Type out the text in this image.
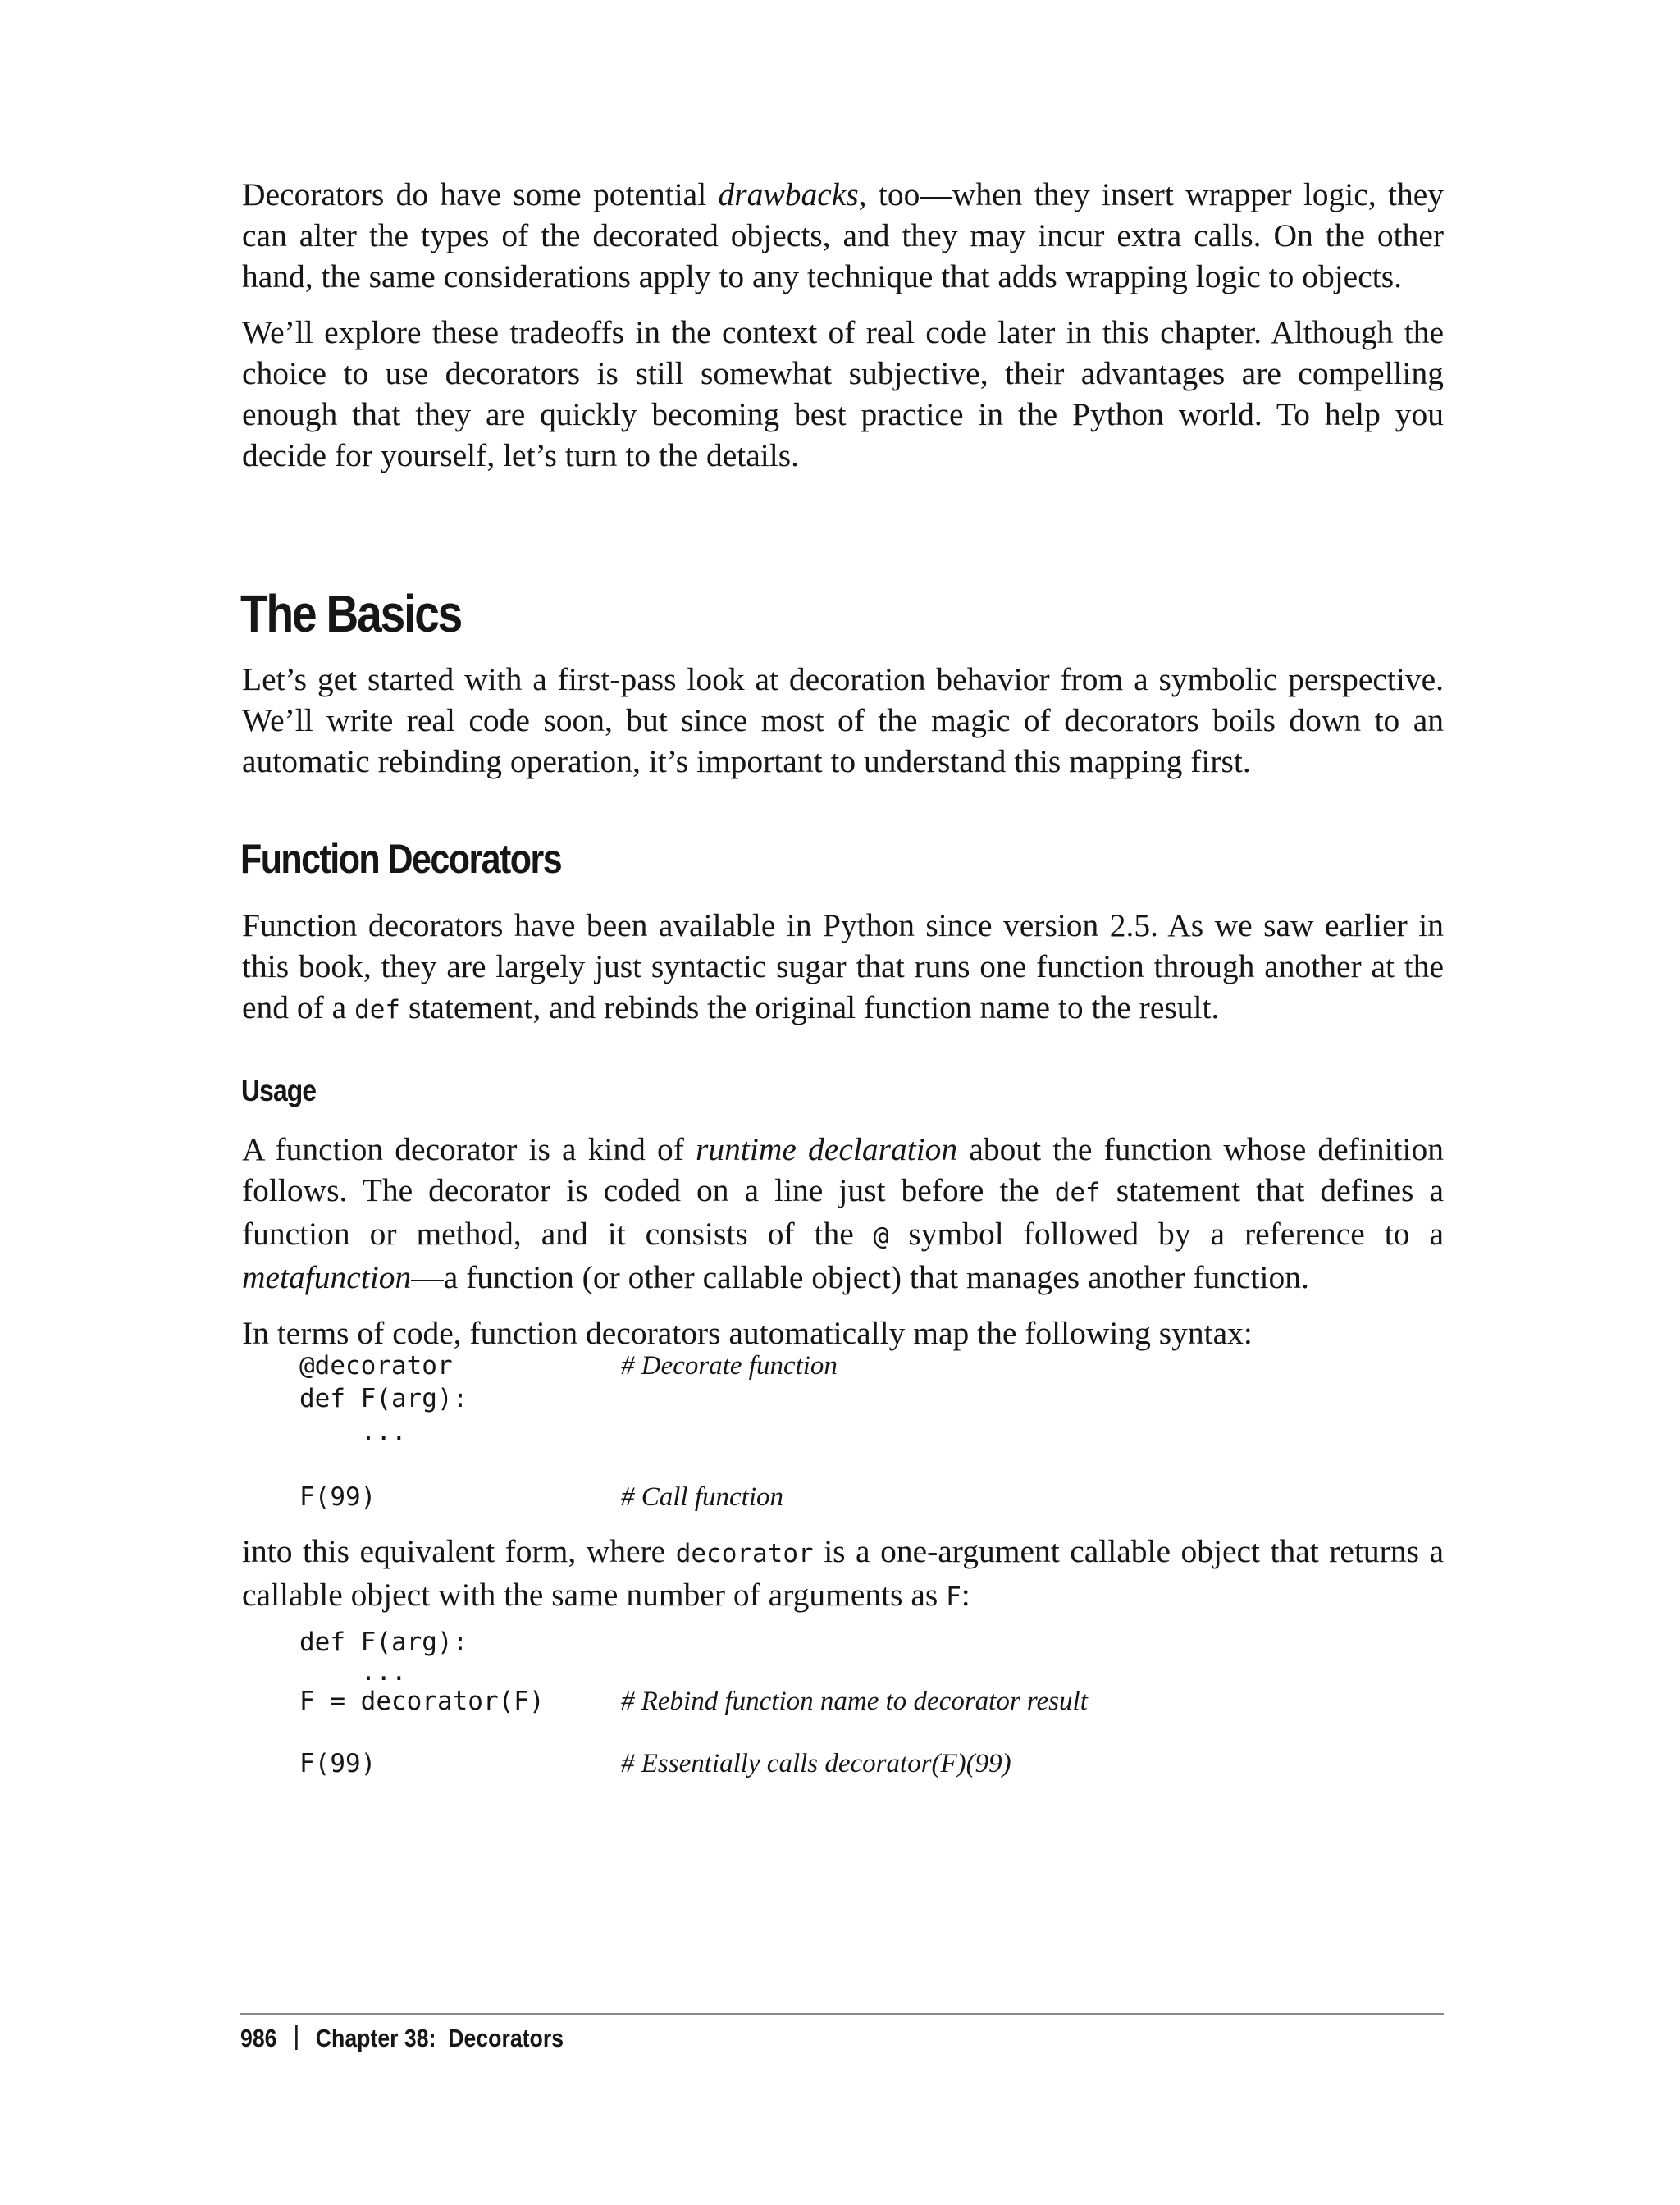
Decorators do have some potential drawbacks, too—when they insert wrapper logic, they can alter the types of the decorated objects, and they may incur extra calls. On the other hand, the same considerations apply to any technique that adds wrapping logic to objects.

We’ll explore these tradeoffs in the context of real code later in this chapter. Although the choice to use decorators is still somewhat subjective, their advantages are compelling enough that they are quickly becoming best practice in the Python world. To help you decide for yourself, let’s turn to the details.

The Basics

Let’s get started with a first-pass look at decoration behavior from a symbolic perspective. We’ll write real code soon, but since most of the magic of decorators boils down to an automatic rebinding operation, it’s important to understand this mapping first.

Function Decorators

Function decorators have been available in Python since version 2.5. As we saw earlier in this book, they are largely just syntactic sugar that runs one function through another at the end of a def statement, and rebinds the original function name to the result.

Usage

A function decorator is a kind of runtime declaration about the function whose definition follows. The decorator is coded on a line just before the def statement that defines a function or method, and it consists of the @ symbol followed by a reference to a metafunction—a function (or other callable object) that manages another function.

In terms of code, function decorators automatically map the following syntax:

@decorator	# Decorate function
def F(arg):
...
F(99)	# Call function

into this equivalent form, where decorator is a one-argument callable object that returns a callable object with the same number of arguments as F:

def F(arg):
...
F = decorator(F)	# Rebind function name to decorator result
F(99)	# Essentially calls decorator(F)(99)
986 Chapter 38:  Decorators
